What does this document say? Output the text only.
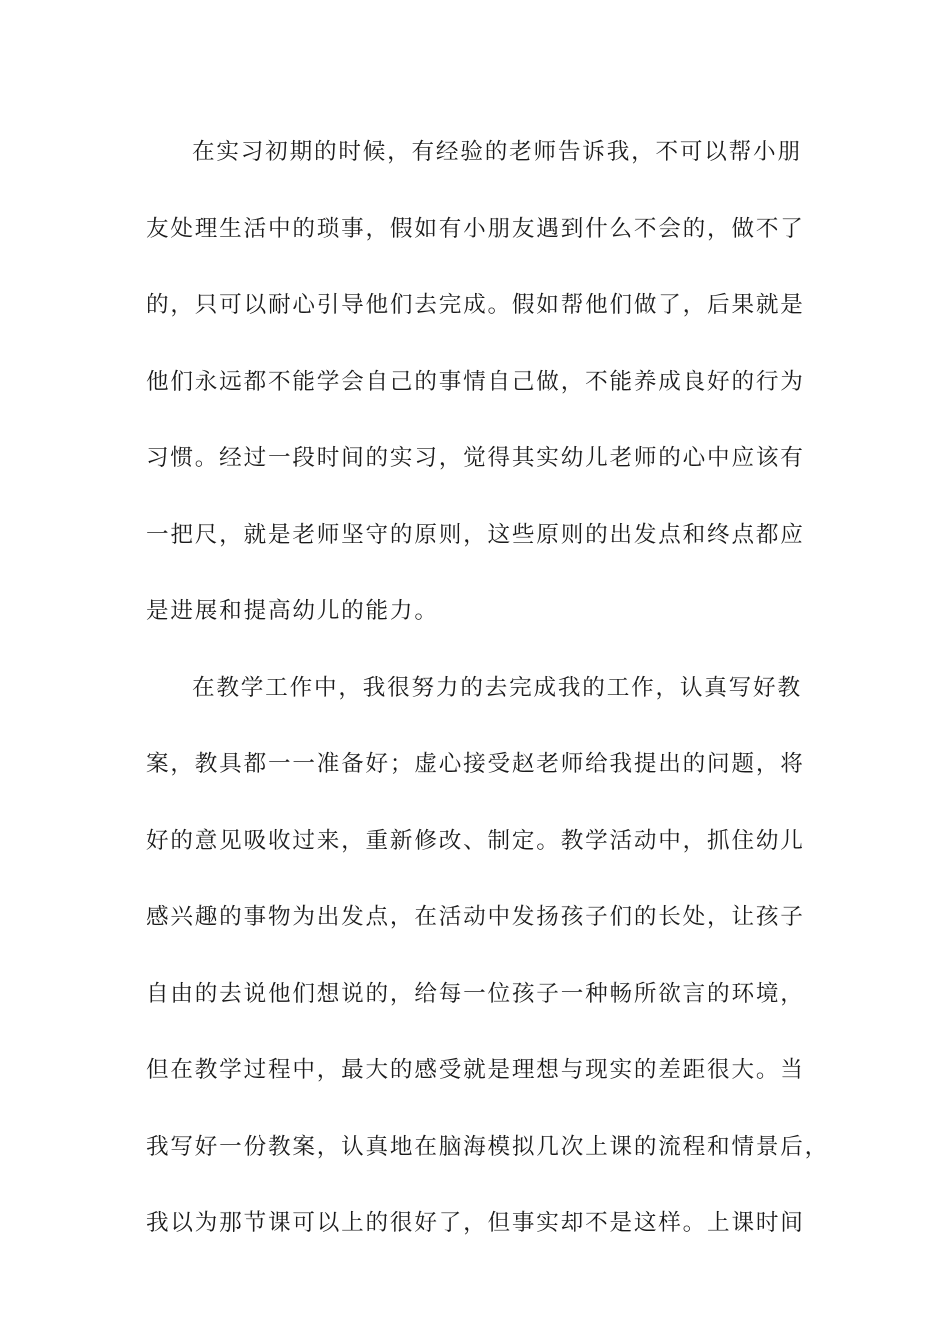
在实习初期的时候，有经验的老师告诉我，不可以帮小朋
友处理生活中的琐事，假如有小朋友遇到什么不会的，做不了
的，只可以耐心引导他们去完成。假如帮他们做了，后果就是
他们永远都不能学会自己的事情自己做，不能养成良好的行为
习惯。经过一段时间的实习，觉得其实幼儿老师的心中应该有
一把尺，就是老师坚守的原则，这些原则的出发点和终点都应
是进展和提高幼儿的能力。
在教学工作中，我很努力的去完成我的工作，认真写好教
案，教具都一一准备好；虚心接受赵老师给我提出的问题，将
好的意见吸收过来，重新修改、制定。教学活动中，抓住幼儿
感兴趣的事物为出发点，在活动中发扬孩子们的长处，让孩子
自由的去说他们想说的，给每一位孩子一种畅所欲言的环境，
但在教学过程中，最大的感受就是理想与现实的差距很大。当
我写好一份教案，认真地在脑海模拟几次上课的流程和情景后，
我以为那节课可以上的很好了，但事实却不是这样。上课时间
